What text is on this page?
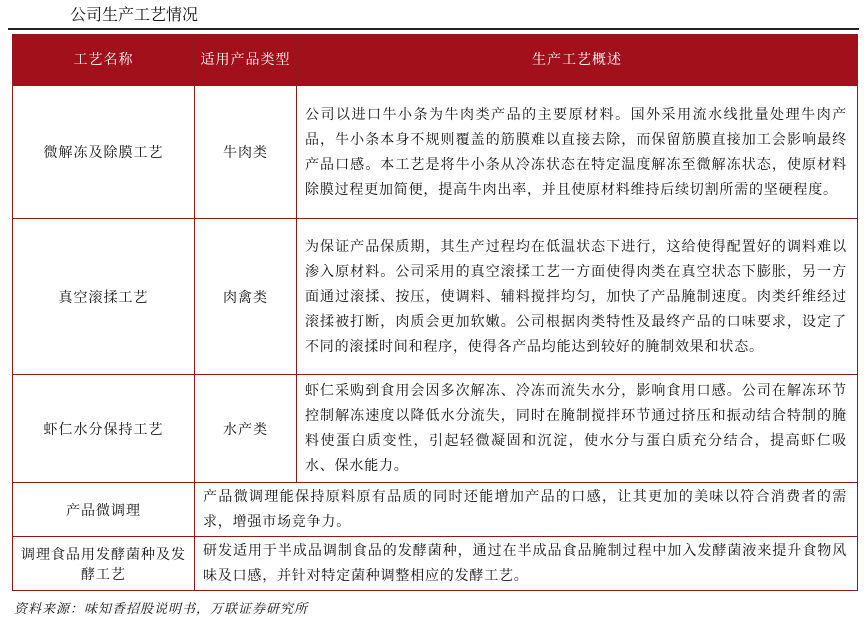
公司生产工艺情况
工艺名称	适用产品类型	生产工艺概述
微解冻及除膜工艺	牛肉类	公司以进口牛小条为牛肉类产品的主要原材料。国外采用流水线批量处理牛肉产品，牛小条本身不规则覆盖的筋膜难以直接去除，而保留筋膜直接加工会影响最终产品口感。本工艺是将牛小条从冷冻状态在特定温度解冻至微解冻状态，使原材料除膜过程更加简便，提高牛肉出率，并且使原材料维持后续切割所需的坚硬程度。
真空滚揉工艺	肉禽类	为保证产品保质期，其生产过程均在低温状态下进行，这给使得配置好的调料难以渗入原材料。公司采用的真空滚揉工艺一方面使得肉类在真空状态下膨胀，另一方面通过滚揉、按压，使调料、辅料搅拌均匀，加快了产品腌制速度。肉类纤维经过滚揉被打断，肉质会更加软嫩。公司根据肉类特性及最终产品的口味要求，设定了不同的滚揉时间和程序，使得各产品均能达到较好的腌制效果和状态。
虾仁水分保持工艺	水产类	虾仁采购到食用会因多次解冻、冷冻而流失水分，影响食用口感。公司在解冻环节控制解冻速度以降低水分流失，同时在腌制搅拌环节通过挤压和振动结合特制的腌料使蛋白质变性，引起轻微凝固和沉淀，使水分与蛋白质充分结合，提高虾仁吸水、保水能力。
产品微调理	产品微调理能保持原料原有品质的同时还能增加产品的口感，让其更加的美味以符合消费者的需求，增强市场竞争力。	
调理食品用发酵菌种及发酵工艺	研发适用于半成品调制食品的发酵菌种，通过在半成品食品腌制过程中加入发酵菌液来提升食物风味及口感，并针对特定菌种调整相应的发酵工艺。	
资料来源：味知香招股说明书，万联证券研究所
